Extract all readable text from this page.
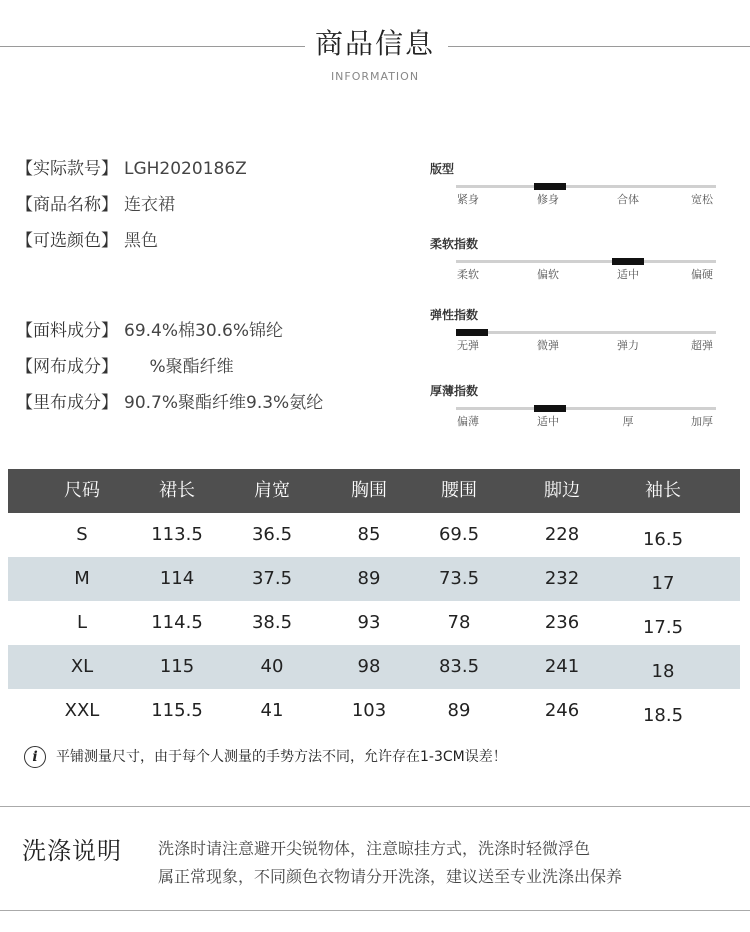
商品信息
INFORMATION
【实际款号】 LGH2020186Z
【商品名称】 连衣裙
【可选颜色】 黑色
【面料成分】 69.4%棉30.6%锦纶
【网布成分】　　%聚酯纤维
【里布成分】 90.7%聚酯纤维9.3%氨纶
版型
紧身	修身	合体	宽松
柔软指数
柔软	偏软	适中	偏硬
弹性指数
无弹	微弹	弹力	超弹
厚薄指数
偏薄	适中	厚	加厚
尺码	裙长	肩宽	胸围	腰围	脚边	袖长
S	113.5	36.5	85	69.5	228	16.5
M	114	37.5	89	73.5	232	17
L	114.5	38.5	93	78	236	17.5
XL	115	40	98	83.5	241	18
XXL	115.5	41	103	89	246	18.5
i 平铺测量尺寸，由于每个人测量的手势方法不同，允许存在1-3CM误差！
洗涤说明 洗涤时请注意避开尖锐物体，注意晾挂方式，洗涤时轻微浮色
属正常现象，不同颜色衣物请分开洗涤，建议送至专业洗涤出保养
